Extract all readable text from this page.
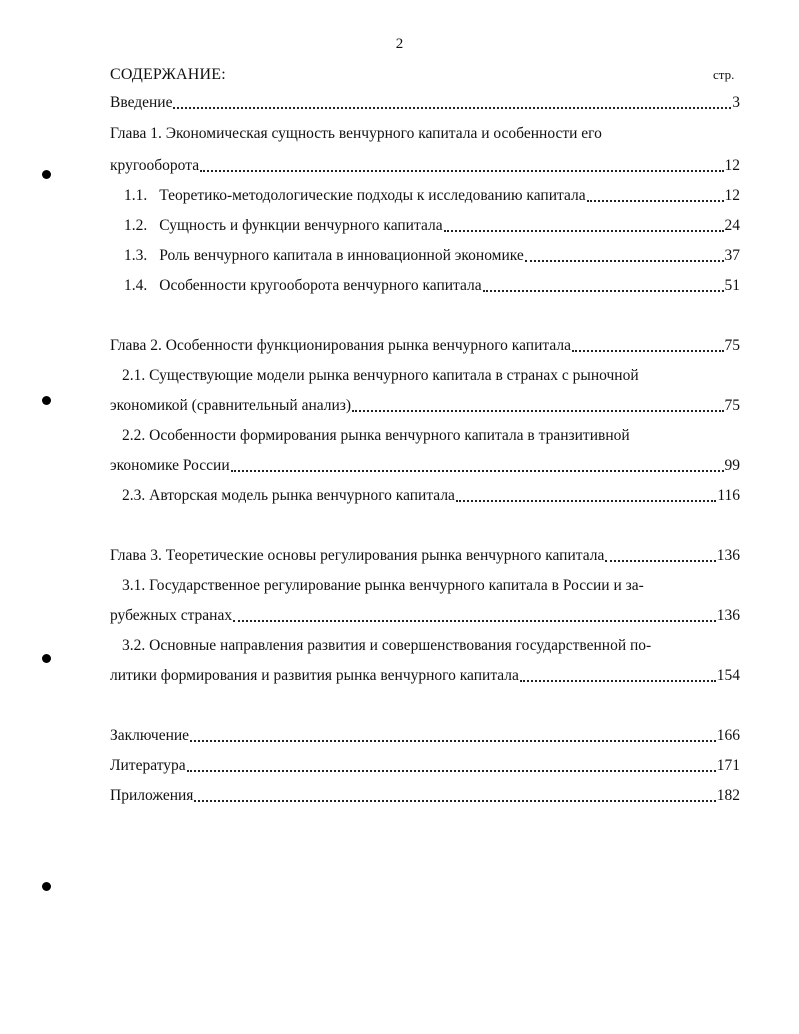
2
СОДЕРЖАНИЕ:	стр.
Введение	3
Глава 1. Экономическая сущность венчурного капитала и особенности его
кругооборота	12
1.1. Теоретико-методологические подходы к исследованию капитала	12
1.2. Сущность и функции венчурного капитала	24
1.3. Роль венчурного капитала в инновационной экономике	37
1.4. Особенности кругооборота венчурного капитала	51
Глава 2. Особенности функционирования рынка венчурного капитала	75
2.1. Существующие модели рынка венчурного капитала в странах с рыночной
экономикой (сравнительный анализ)	75
2.2. Особенности формирования рынка венчурного капитала в транзитивной
экономике России	99
2.3. Авторская модель рынка венчурного капитала	116
Глава 3. Теоретические основы регулирования рынка венчурного капитала	136
3.1. Государственное регулирование рынка венчурного капитала в России и за-
рубежных странах	136
3.2. Основные направления развития и совершенствования государственной по-
литики формирования и развития рынка венчурного капитала	154
Заключение	166
Литература	171
Приложения	182
